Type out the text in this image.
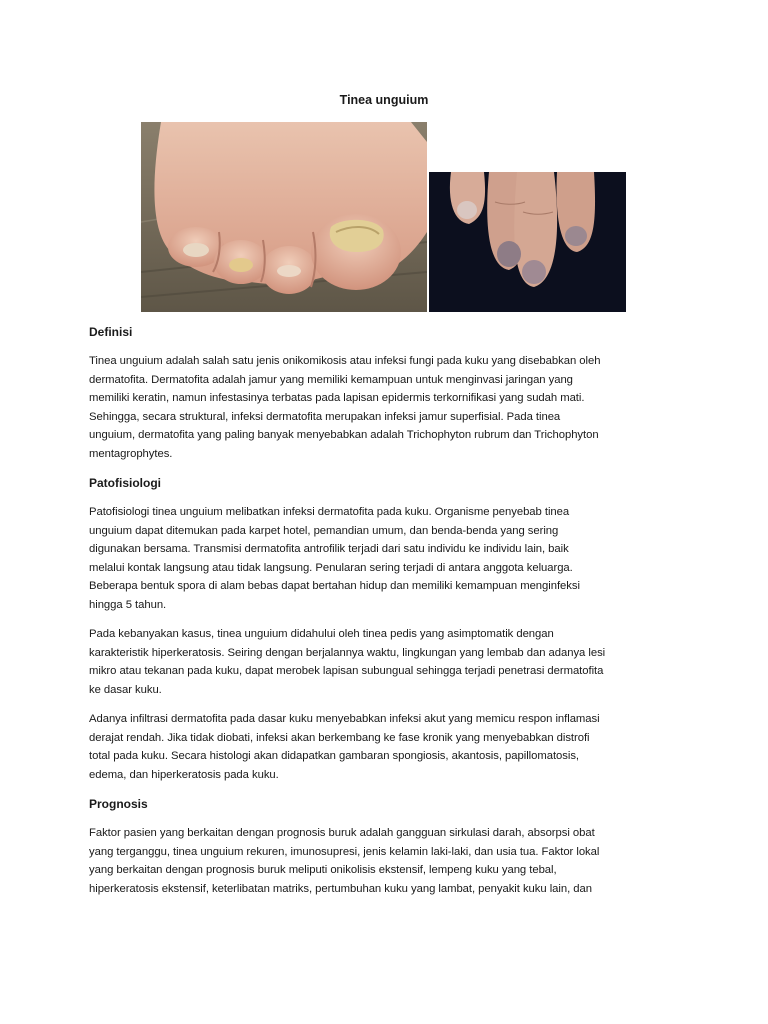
Tinea unguium
Definisi
Tinea unguium adalah salah satu jenis onikomikosis atau infeksi fungi pada kuku yang disebabkan oleh
dermatofita. Dermatofita adalah jamur yang memiliki kemampuan untuk menginvasi jaringan yang
memiliki keratin, namun infestasinya terbatas pada lapisan epidermis terkornifikasi yang sudah mati.
Sehingga, secara struktural, infeksi dermatofita merupakan infeksi jamur superfisial. Pada tinea
unguium, dermatofita yang paling banyak menyebabkan adalah Trichophyton rubrum dan Trichophyton
mentagrophytes.
Patofisiologi
Patofisiologi tinea unguium melibatkan infeksi dermatofita pada kuku. Organisme penyebab tinea
unguium dapat ditemukan pada karpet hotel, pemandian umum, dan benda-benda yang sering
digunakan bersama. Transmisi dermatofita antrofilik terjadi dari satu individu ke individu lain, baik
melalui kontak langsung atau tidak langsung. Penularan sering terjadi di antara anggota keluarga.
Beberapa bentuk spora di alam bebas dapat bertahan hidup dan memiliki kemampuan menginfeksi
hingga 5 tahun.
Pada kebanyakan kasus, tinea unguium didahului oleh tinea pedis yang asimptomatik dengan
karakteristik hiperkeratosis. Seiring dengan berjalannya waktu, lingkungan yang lembab dan adanya lesi
mikro atau tekanan pada kuku, dapat merobek lapisan subungual sehingga terjadi penetrasi dermatofita
ke dasar kuku.
Adanya infiltrasi dermatofita pada dasar kuku menyebabkan infeksi akut yang memicu respon inflamasi
derajat rendah. Jika tidak diobati, infeksi akan berkembang ke fase kronik yang menyebabkan distrofi
total pada kuku. Secara histologi akan didapatkan gambaran spongiosis, akantosis, papillomatosis,
edema, dan hiperkeratosis pada kuku.
Prognosis
Faktor pasien yang berkaitan dengan prognosis buruk adalah gangguan sirkulasi darah, absorpsi obat
yang terganggu, tinea unguium rekuren, imunosupresi, jenis kelamin laki-laki, dan usia tua. Faktor lokal
yang berkaitan dengan prognosis buruk meliputi onikolisis ekstensif, lempeng kuku yang tebal,
hiperkeratosis ekstensif, keterlibatan matriks, pertumbuhan kuku yang lambat, penyakit kuku lain, dan
